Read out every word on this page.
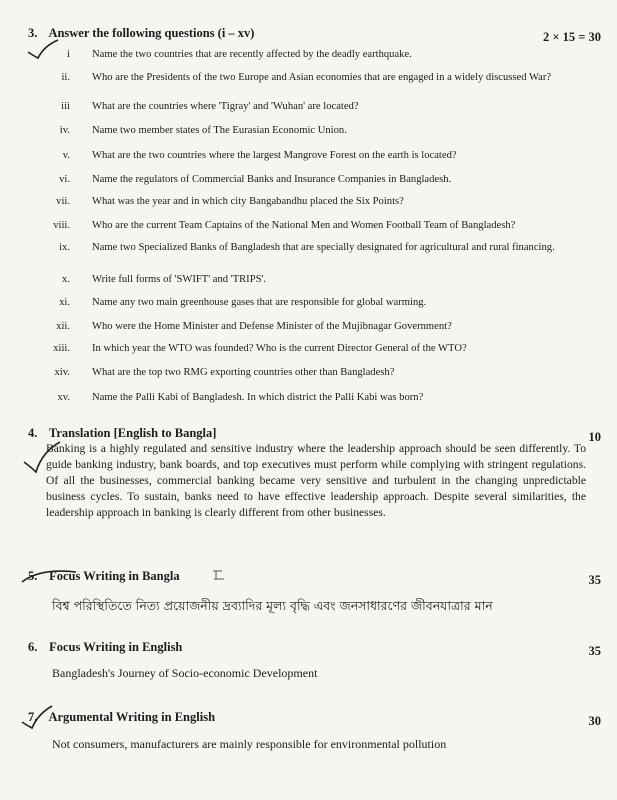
3. Answer the following questions (i – xv)	2 × 15 = 30
i Name the two countries that are recently affected by the deadly earthquake.
ii. Who are the Presidents of the two Europe and Asian economies that are engaged in a widely discussed War?
iii What are the countries where 'Tigray' and 'Wuhan' are located?
iv. Name two member states of The Eurasian Economic Union.
v. What are the two countries where the largest Mangrove Forest on the earth is located?
vi. Name the regulators of Commercial Banks and Insurance Companies in Bangladesh.
vii. What was the year and in which city Bangabandhu placed the Six Points?
viii. Who are the current Team Captains of the National Men and Women Football Team of Bangladesh?
ix. Name two Specialized Banks of Bangladesh that are specially designated for agricultural and rural financing.
x. Write full forms of 'SWIFT' and 'TRIPS'.
xi. Name any two main greenhouse gases that are responsible for global warming.
xii. Who were the Home Minister and Defense Minister of the Mujibnagar Government?
xiii. In which year the WTO was founded? Who is the current Director General of the WTO?
xiv. What are the top two RMG exporting countries other than Bangladesh?
xv. Name the Palli Kabi of Bangladesh. In which district the Palli Kabi was born?
4. Translation [English to Bangla]	10
Banking is a highly regulated and sensitive industry where the leadership approach should be seen differently. To guide banking industry, bank boards, and top executives must perform while complying with stringent regulations. Of all the businesses, commercial banking became very sensitive and turbulent in the changing unpredictable business cycles. To sustain, banks need to have effective leadership approach. Despite several similarities, the leadership approach in banking is clearly different from other businesses.
5. Focus Writing in Bangla	35
বিশ্ব পরিস্থিতিতে নিত্য প্রয়োজনীয় দ্রব্যাদির মূল্য বৃদ্ধি এবং জনসাধারণের জীবনযাত্রার মান
6. Focus Writing in English	35
Bangladesh's Journey of Socio-economic Development
7. Argumental Writing in English	30
Not consumers, manufacturers are mainly responsible for environmental pollution
